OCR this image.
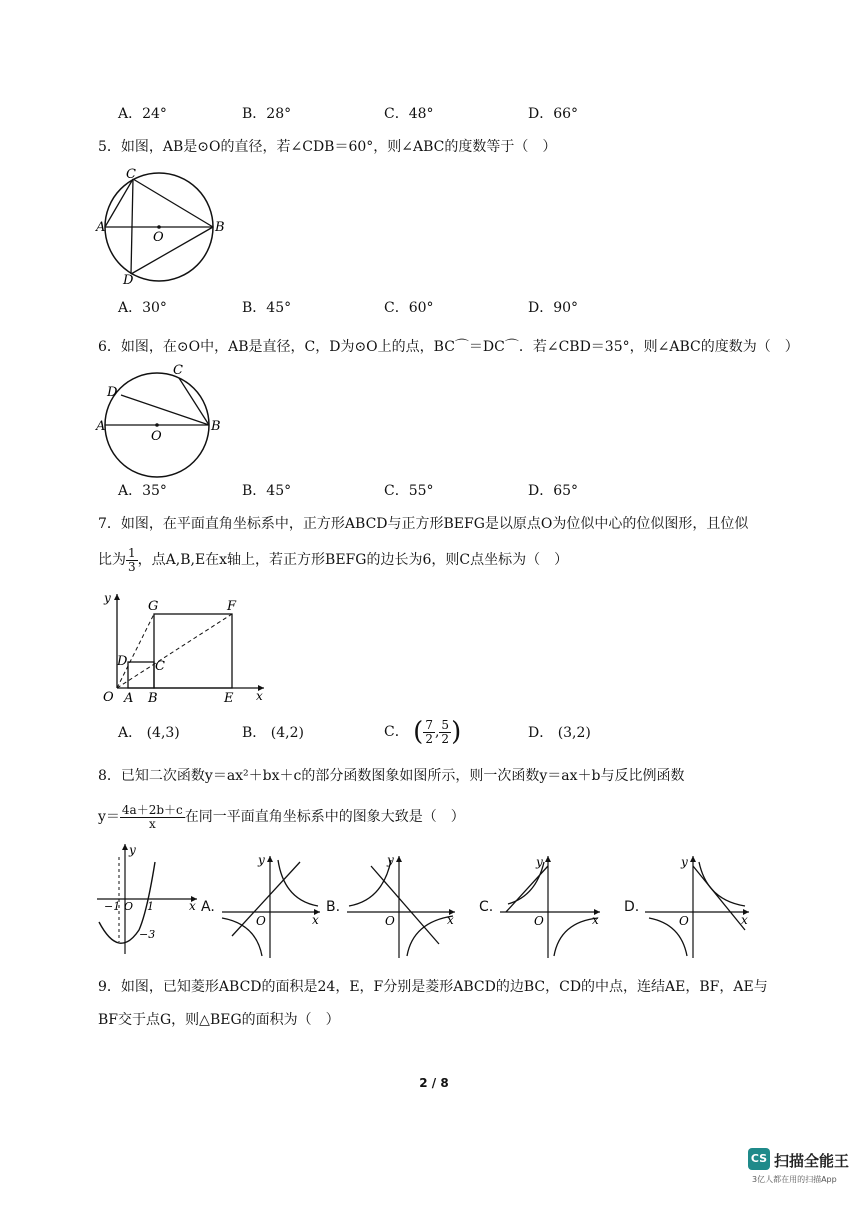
A．24°	B．28°	C．48°	D．66°
5．如图，AB是⊙O的直径，若∠CDB＝60°，则∠ABC的度数等于（　）
C
A	B
O
D
A．30°	B．45°	C．60°	D．90°
6．如图，在⊙O中，AB是直径，C，D为⊙O上的点，BC⌒＝DC⌒．若∠CBD＝35°，则∠ABC的度数为（　）
C
D
A	B
O
A．35°	B．45°	C．55°	D．65°
7．如图，在平面直角坐标系中，正方形ABCD与正方形BEFG是以原点O为位似中心的位似图形，且位似
比为 $\frac{1}{3}$ ，点A,B,E在x轴上，若正方形BEFG的边长为6，则C点坐标为（　）
y
x
O A B	E
D C
G	F
A． (4,3)	B． (4,2)	C． ( $\frac{7}{2}$ , $\frac{5}{2}$ )	D． (3,2)
8．已知二次函数y＝ax²＋bx＋c的部分函数图象如图所示，则一次函数y＝ax＋b与反比例函数
$y= \frac{4a+2b+c}{x}$ 在同一平面直角坐标系中的图象大致是（　）
y
x
−1 O 1
−3
A.
y
x
O
B.
y
x
O
C.
y
x
O
D.
y
x
O
9．如图，已知菱形ABCD的面积是24，E，F分别是菱形ABCD的边BC，CD的中点，连结AE，BF，AE与
BF交于点G，则△BEG的面积为（　）
2 / 8
CS 扫描全能王
3亿人都在用的扫描App
